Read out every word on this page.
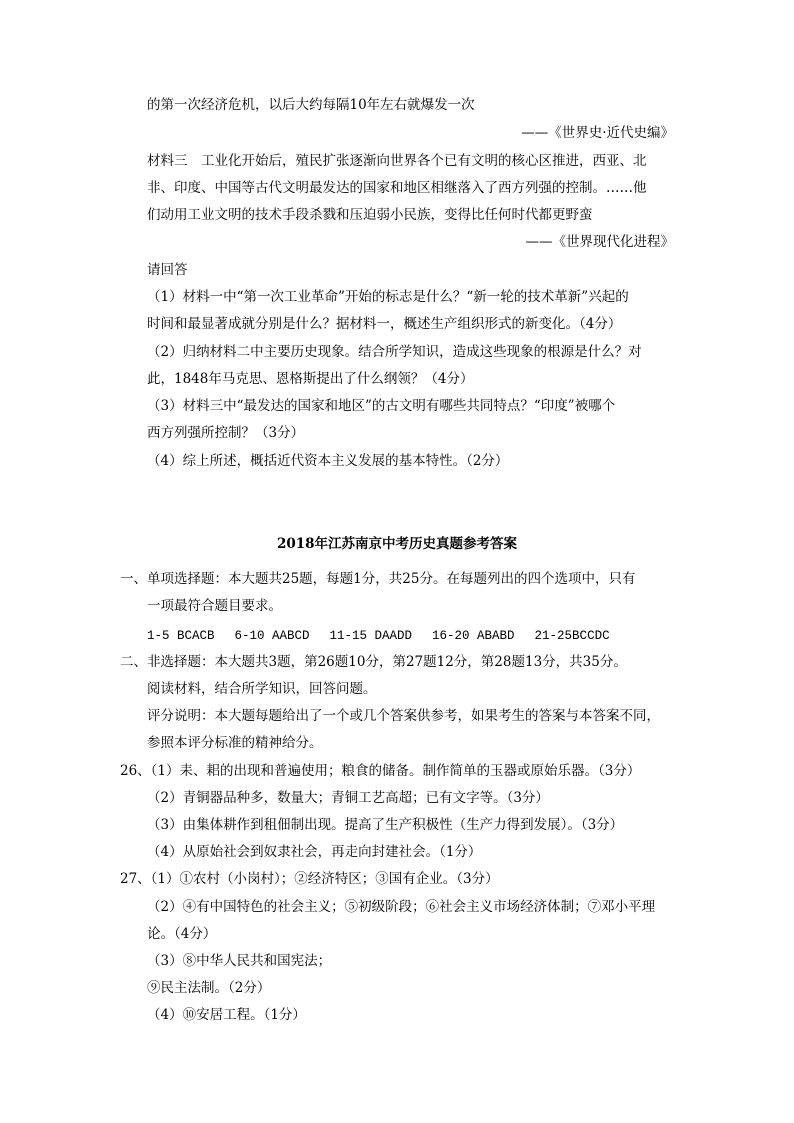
的第一次经济危机，以后大约每隔10年左右就爆发一次
——《世界史·近代史编》
材料三　工业化开始后，殖民扩张逐渐向世界各个已有文明的核心区推进，西亚、北
非、印度、中国等古代文明最发达的国家和地区相继落入了西方列强的控制。……他
们动用工业文明的技术手段杀戮和压迫弱小民族，变得比任何时代都更野蛮
——《世界现代化进程》
请回答
（1）材料一中“第一次工业革命”开始的标志是什么？“新一轮的技术革新”兴起的
时间和最显著成就分别是什么？据材料一，概述生产组织形式的新变化。（4分）
（2）归纳材料二中主要历史现象。结合所学知识，造成这些现象的根源是什么？对
此，1848年马克思、恩格斯提出了什么纲领？（4分）
（3）材料三中“最发达的国家和地区”的古文明有哪些共同特点？“印度”被哪个
西方列强所控制？（3分）
（4）综上所述，概括近代资本主义发展的基本特性。（2分）
2018年江苏南京中考历史真题参考答案
一、单项选择题：本大题共25题，每题1分，共25分。在每题列出的四个选项中，只有
一项最符合题目要求。
1-5 BCACB　 6-10 AABCD　 11-15 DAADD　 16-20 ABABD　 21-25BCCDC
二、非选择题：本大题共3题，第26题10分，第27题12分，第28题13分，共35分。
阅读材料，结合所学知识，回答问题。
评分说明：本大题每题给出了一个或几个答案供参考，如果考生的答案与本答案不同，
参照本评分标准的精神给分。
26、（1）耒、耜的出现和普遍使用；粮食的储备。制作简单的玉器或原始乐器。（3分）
（2）青铜器品种多，数量大；青铜工艺高超；已有文字等。（3分）
（3）由集体耕作到租佃制出现。提高了生产积极性（生产力得到发展）。（3分）
（4）从原始社会到奴隶社会，再走向封建社会。（1分）
27、（1）①农村（小岗村）；②经济特区；③国有企业。（3分）
（2）④有中国特色的社会主义；⑤初级阶段；⑥社会主义市场经济体制；⑦邓小平理
论。（4分）
（3）⑧中华人民共和国宪法；
⑨民主法制。（2分）
（4）⑩安居工程。（1分）
